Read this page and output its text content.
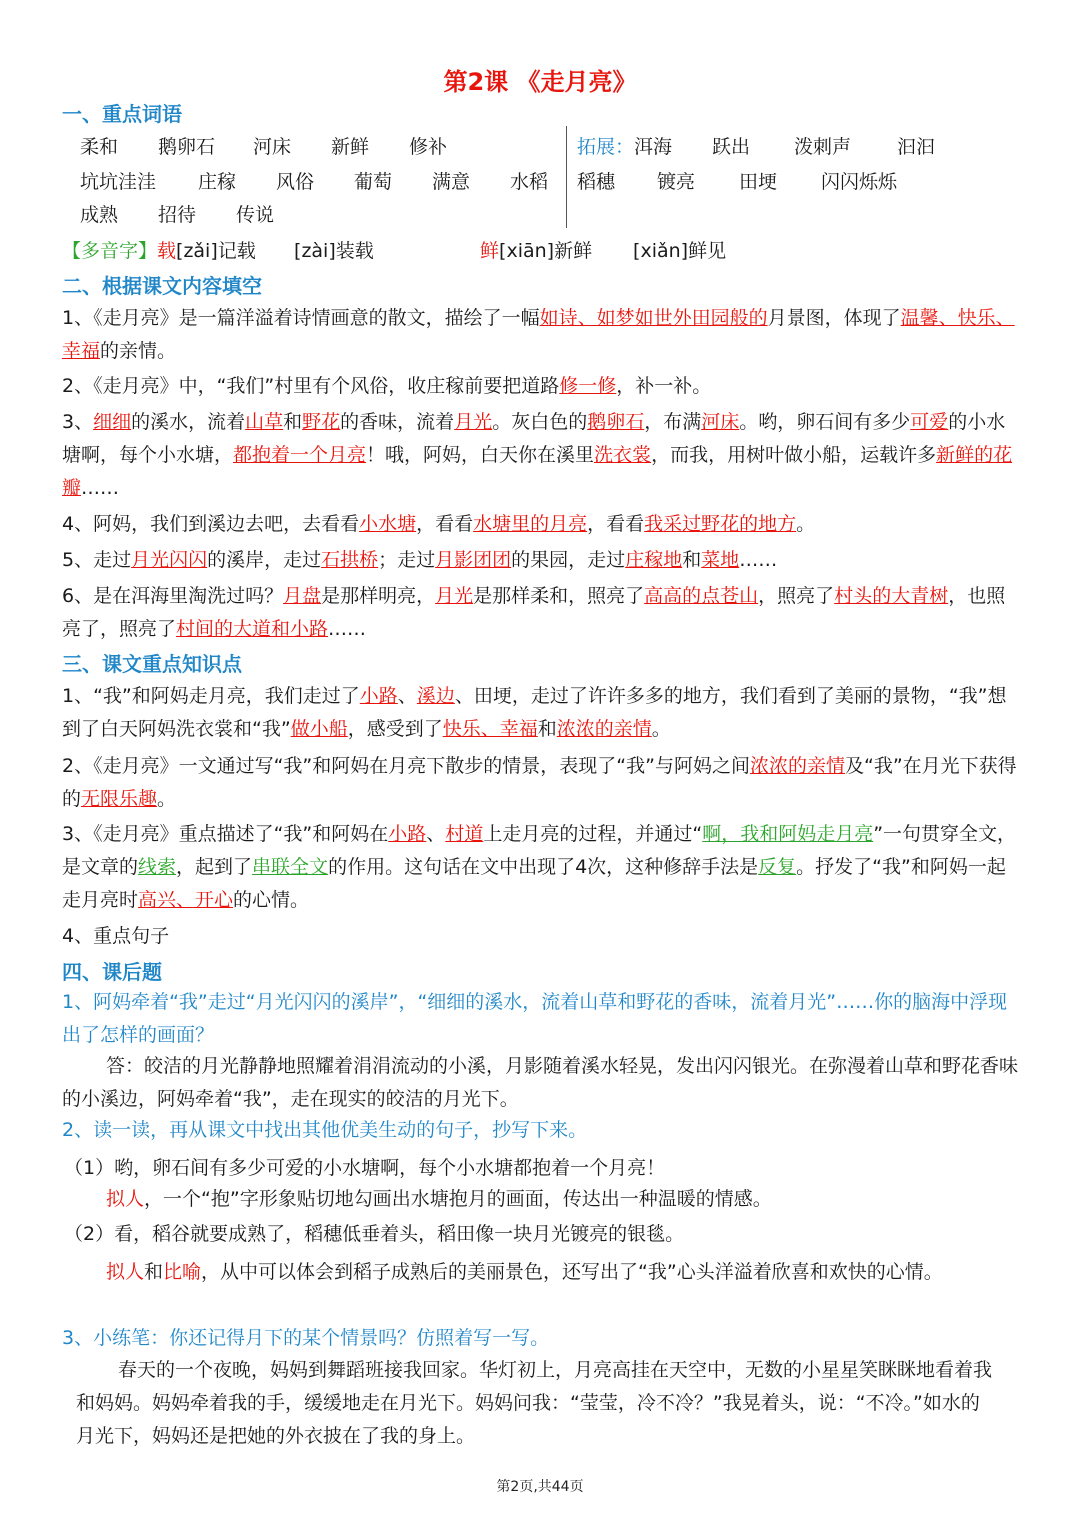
第2课 《走月亮》
一、重点词语
柔和 鹅卵石 河床 新鲜 修补
坑坑洼洼 庄稼 风俗 葡萄 满意 水稻
成熟 招待 传说
拓展：洱海 跃出 泼刺声 汩汩
稻穗 镀亮 田埂 闪闪烁烁
【多音字】载[zǎi]记载 [zài]装载	鲜[xiān]新鲜 [xiǎn]鲜见
二、根据课文内容填空
1、《走月亮》是一篇洋溢着诗情画意的散文，描绘了一幅如诗、如梦如世外田园般的月景图，体现了温馨、快乐、幸福的亲情。
2、《走月亮》中，“我们”村里有个风俗，收庄稼前要把道路修一修，补一补。
3、细细的溪水，流着山草和野花的香味，流着月光。灰白色的鹅卵石，布满河床。哟，卵石间有多少可爱的小水塘啊，每个小水塘，都抱着一个月亮！哦，阿妈，白天你在溪里洗衣裳，而我，用树叶做小船，运载许多新鲜的花瓣……
4、阿妈，我们到溪边去吧，去看看小水塘，看看水塘里的月亮，看看我采过野花的地方。
5、走过月光闪闪的溪岸，走过石拱桥；走过月影团团的果园，走过庄稼地和菜地……
6、是在洱海里淘洗过吗？月盘是那样明亮，月光是那样柔和，照亮了高高的点苍山，照亮了村头的大青树，也照亮了，照亮了村间的大道和小路……
三、课文重点知识点
1、“我”和阿妈走月亮，我们走过了小路、溪边、田埂，走过了许许多多的地方，我们看到了美丽的景物，“我”想到了白天阿妈洗衣裳和“我”做小船，感受到了快乐、幸福和浓浓的亲情。
2、《走月亮》一文通过写“我”和阿妈在月亮下散步的情景，表现了“我”与阿妈之间浓浓的亲情及“我”在月光下获得的无限乐趣。
3、《走月亮》重点描述了“我”和阿妈在小路、村道上走月亮的过程，并通过“啊，我和阿妈走月亮”一句贯穿全文，是文章的线索，起到了串联全文的作用。这句话在文中出现了4次，这种修辞手法是反复。抒发了“我”和阿妈一起走月亮时高兴、开心的心情。
4、重点句子
四、课后题
1、阿妈牵着“我”走过“月光闪闪的溪岸”，“细细的溪水，流着山草和野花的香味，流着月光”……你的脑海中浮现出了怎样的画面？
答：皎洁的月光静静地照耀着涓涓流动的小溪，月影随着溪水轻晃，发出闪闪银光。在弥漫着山草和野花香味的小溪边，阿妈牵着“我”，走在现实的皎洁的月光下。
2、读一读，再从课文中找出其他优美生动的句子，抄写下来。
（1）哟，卵石间有多少可爱的小水塘啊，每个小水塘都抱着一个月亮！
拟人，一个“抱”字形象贴切地勾画出水塘抱月的画面，传达出一种温暖的情感。
（2）看，稻谷就要成熟了，稻穗低垂着头，稻田像一块月光镀亮的银毯。
拟人和比喻，从中可以体会到稻子成熟后的美丽景色，还写出了“我”心头洋溢着欣喜和欢快的心情。
3、小练笔：你还记得月下的某个情景吗？仿照着写一写。
春天的一个夜晚，妈妈到舞蹈班接我回家。华灯初上，月亮高挂在天空中，无数的小星星笑眯眯地看着我和妈妈。妈妈牵着我的手，缓缓地走在月光下。妈妈问我：“莹莹，冷不冷？”我晃着头，说：“不冷。”如水的月光下，妈妈还是把她的外衣披在了我的身上。
第2页,共44页
